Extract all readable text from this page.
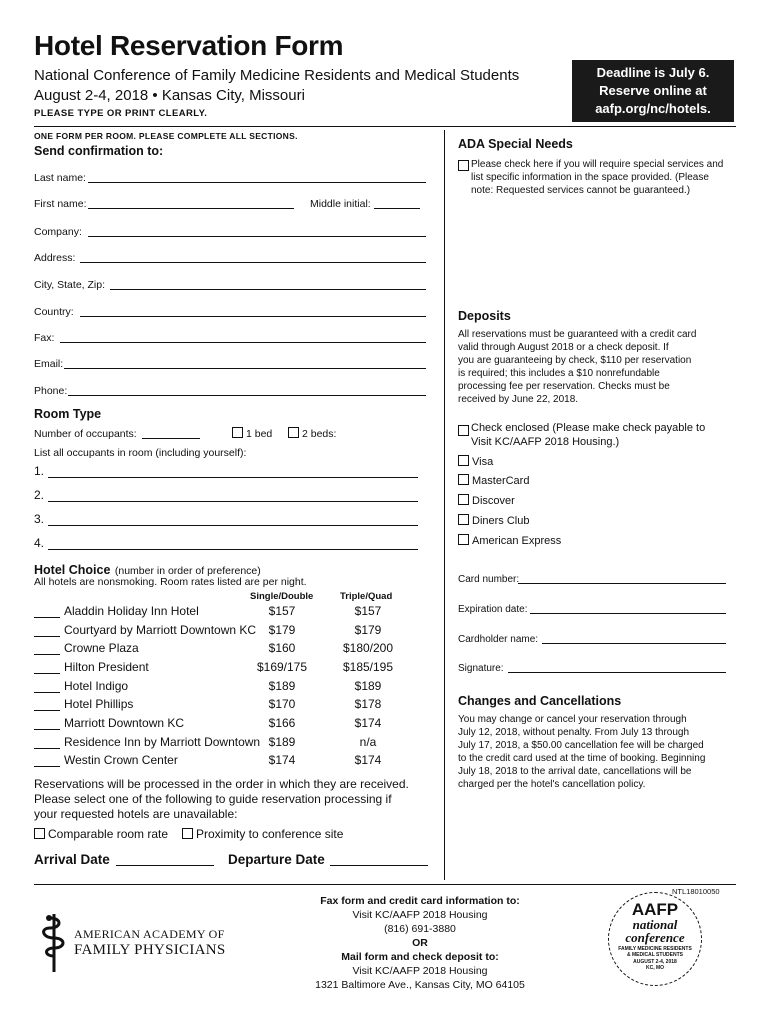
Hotel Reservation Form
National Conference of Family Medicine Residents and Medical Students
August 2-4, 2018 • Kansas City, Missouri
PLEASE TYPE OR PRINT CLEARLY.
Deadline is July 6.
Reserve online at
aafp.org/nc/hotels.
ONE FORM PER ROOM. PLEASE COMPLETE ALL SECTIONS.
Send confirmation to:
Last name:
First name:	Middle initial:
Company:
Address:
City, State, Zip:
Country:
Fax:
Email:
Phone:
Room Type
Number of occupants:	1 bed	2 beds:
List all occupants in room (including yourself):
1.
2.
3.
4.
Hotel Choice (number in order of preference)
All hotels are nonsmoking. Room rates listed are per night.
Single/Double	Triple/Quad
Aladdin Holiday Inn Hotel	$157	$157
Courtyard by Marriott Downtown KC	$179	$179
Crowne Plaza	$160	$180/200
Hilton President	$169/175	$185/195
Hotel Indigo	$189	$189
Hotel Phillips	$170	$178
Marriott Downtown KC	$166	$174
Residence Inn by Marriott Downtown $189	n/a
Westin Crown Center	$174	$174
Reservations will be processed in the order in which they are received.
Please select one of the following to guide reservation processing if
your requested hotels are unavailable:
Comparable room rate	Proximity to conference site
Arrival Date	Departure Date
ADA Special Needs
Please check here if you will require special services and
list specific information in the space provided. (Please
note: Requested services cannot be guaranteed.)
Deposits
All reservations must be guaranteed with a credit card
valid through August 2018 or a check deposit. If
you are guaranteeing by check, $110 per reservation
is required; this includes a $10 nonrefundable
processing fee per reservation. Checks must be
received by June 22, 2018.
Check enclosed (Please make check payable to
Visit KC/AAFP 2018 Housing.)
Visa
MasterCard
Discover
Diners Club
American Express
Card number:
Expiration date:
Cardholder name:
Signature:
Changes and Cancellations
You may change or cancel your reservation through
July 12, 2018, without penalty. From July 13 through
July 17, 2018, a $50.00 cancellation fee will be charged
to the credit card used at the time of booking. Beginning
July 18, 2018 to the arrival date, cancellations will be
charged per the hotel's cancellation policy.
NTL18010050
AMERICAN ACADEMY OF
FAMILY PHYSICIANS
Fax form and credit card information to:
Visit KC/AAFP 2018 Housing
(816) 691-3880
OR
Mail form and check deposit to:
Visit KC/AAFP 2018 Housing
1321 Baltimore Ave., Kansas City, MO 64105
AAFP
national
conference
FAMILY MEDICINE RESIDENTS
& MEDICAL STUDENTS
AUGUST 2-4, 2018
KC, MO
